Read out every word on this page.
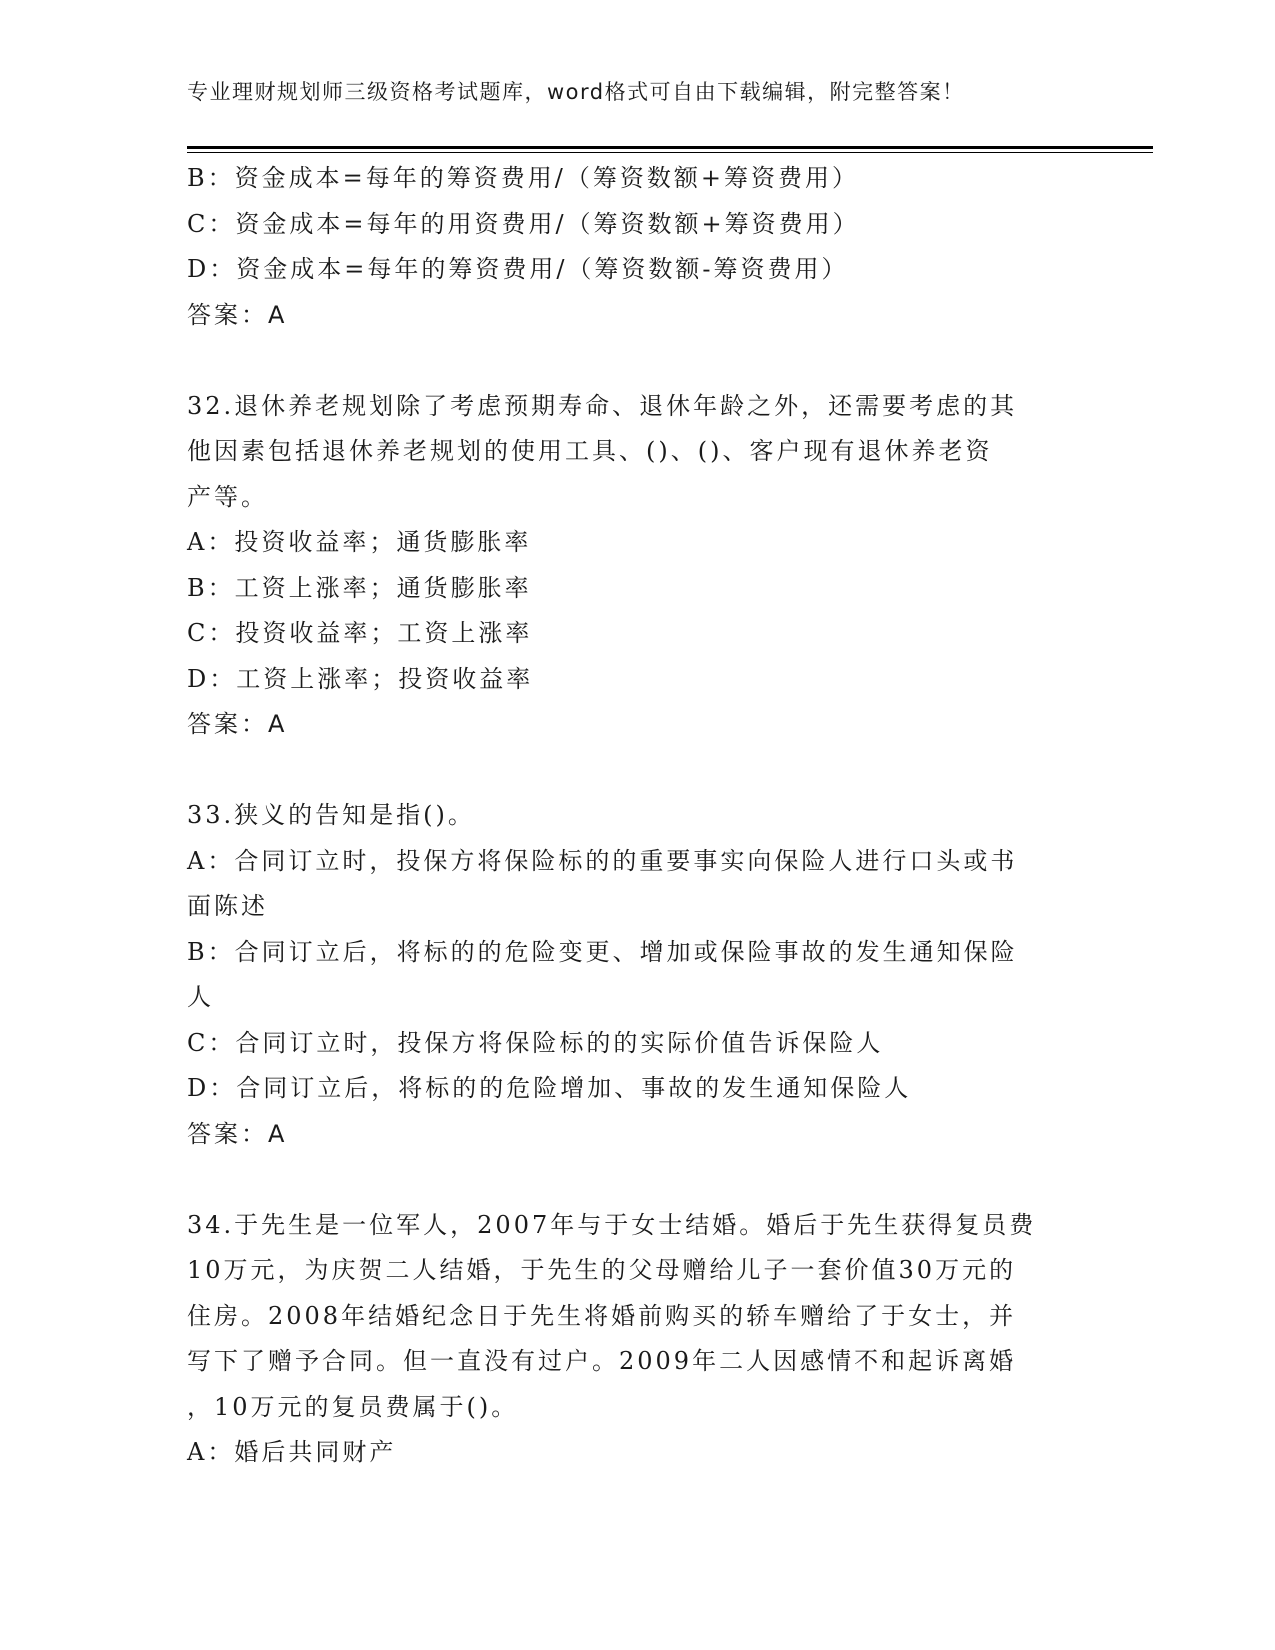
专业理财规划师三级资格考试题库，word格式可自由下载编辑，附完整答案！
B：资金成本=每年的筹资费用/（筹资数额+筹资费用）
C：资金成本=每年的用资费用/（筹资数额+筹资费用）
D：资金成本=每年的筹资费用/（筹资数额-筹资费用）
答案：A
32.退休养老规划除了考虑预期寿命、退休年龄之外，还需要考虑的其
他因素包括退休养老规划的使用工具、()、()、客户现有退休养老资
产等。
A：投资收益率；通货膨胀率
B：工资上涨率；通货膨胀率
C：投资收益率；工资上涨率
D：工资上涨率；投资收益率
答案：A
33.狭义的告知是指()。
A：合同订立时，投保方将保险标的的重要事实向保险人进行口头或书
面陈述
B：合同订立后，将标的的危险变更、增加或保险事故的发生通知保险
人
C：合同订立时，投保方将保险标的的实际价值告诉保险人
D：合同订立后，将标的的危险增加、事故的发生通知保险人
答案：A
34.于先生是一位军人，2007年与于女士结婚。婚后于先生获得复员费
10万元，为庆贺二人结婚，于先生的父母赠给儿子一套价值30万元的
住房。2008年结婚纪念日于先生将婚前购买的轿车赠给了于女士，并
写下了赠予合同。但一直没有过户。2009年二人因感情不和起诉离婚
，10万元的复员费属于()。
A：婚后共同财产
